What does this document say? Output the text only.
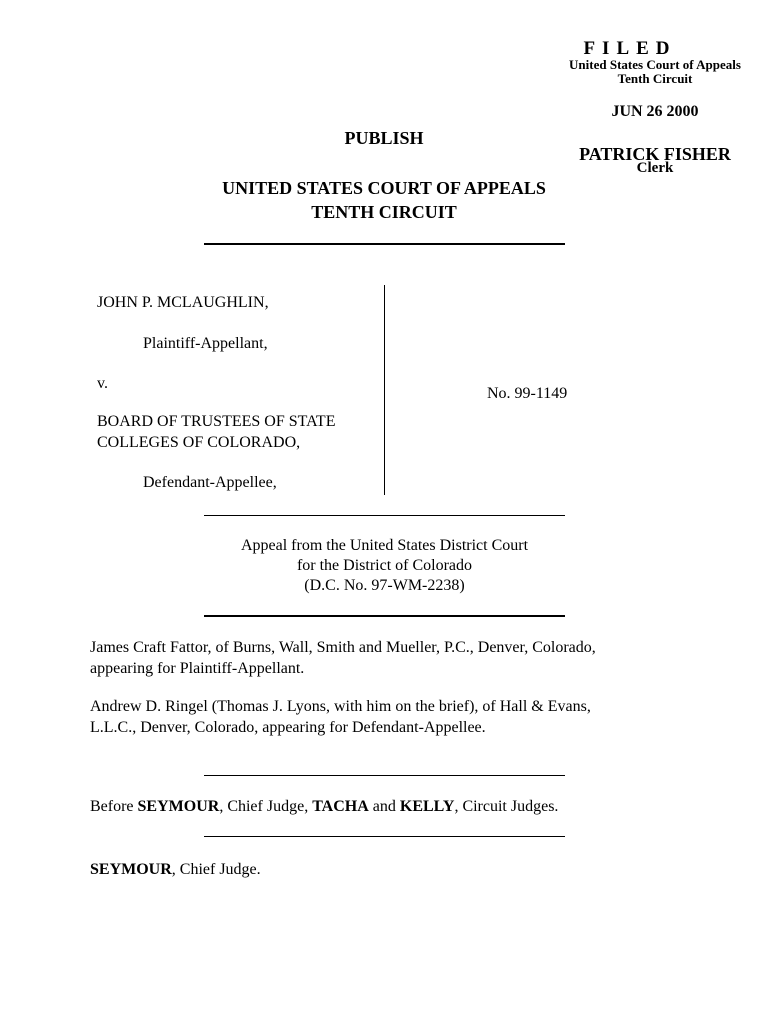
FILED
United States Court of Appeals
Tenth Circuit
JUN 26 2000
PATRICK FISHER
Clerk
PUBLISH
UNITED STATES COURT OF APPEALS
TENTH CIRCUIT
JOHN P. MCLAUGHLIN,
Plaintiff-Appellant,
v.
BOARD OF TRUSTEES OF STATE
COLLEGES OF COLORADO,
Defendant-Appellee,
No. 99-1149
Appeal from the United States District Court
for the District of Colorado
(D.C. No. 97-WM-2238)
James Craft Fattor, of Burns, Wall, Smith and Mueller, P.C., Denver, Colorado,
appearing for Plaintiff-Appellant.
Andrew D. Ringel (Thomas J. Lyons, with him on the brief), of Hall & Evans,
L.L.C., Denver, Colorado, appearing for Defendant-Appellee.
Before SEYMOUR, Chief Judge, TACHA and KELLY, Circuit Judges.
SEYMOUR, Chief Judge.
